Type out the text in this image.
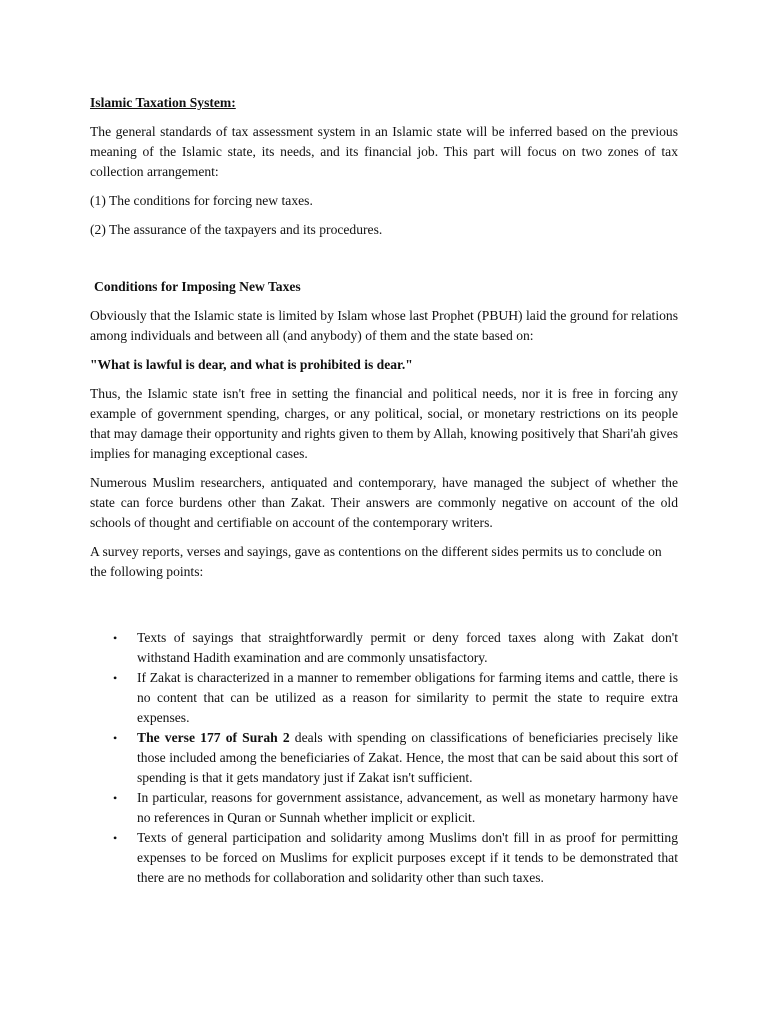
Islamic Taxation System:

The general standards of tax assessment system in an Islamic state will be inferred based on the previous meaning of the Islamic state, its needs, and its financial job. This part will focus on two zones of tax collection arrangement:

(1) The conditions for forcing new taxes.

(2) The assurance of the taxpayers and its procedures.

Conditions for Imposing New Taxes

Obviously that the Islamic state is limited by Islam whose last Prophet (PBUH) laid the ground for relations among individuals and between all (and anybody) of them and the state based on:

"What is lawful is dear, and what is prohibited is dear."

Thus, the Islamic state isn't free in setting the financial and political needs, nor it is free in forcing any example of government spending, charges, or any political, social, or monetary restrictions on its people that may damage their opportunity and rights given to them by Allah, knowing positively that Shari'ah gives implies for managing exceptional cases.

Numerous Muslim researchers, antiquated and contemporary, have managed the subject of whether the state can force burdens other than Zakat. Their answers are commonly negative on account of the old schools of thought and certifiable on account of the contemporary writers.

A survey reports, verses and sayings, gave as contentions on the different sides permits us to conclude on the following points:

• Texts of sayings that straightforwardly permit or deny forced taxes along with Zakat don't withstand Hadith examination and are commonly unsatisfactory.
• If Zakat is characterized in a manner to remember obligations for farming items and cattle, there is no content that can be utilized as a reason for similarity to permit the state to require extra expenses.
• The verse 177 of Surah 2 deals with spending on classifications of beneficiaries precisely like those included among the beneficiaries of Zakat. Hence, the most that can be said about this sort of spending is that it gets mandatory just if Zakat isn't sufficient.
• In particular, reasons for government assistance, advancement, as well as monetary harmony have no references in Quran or Sunnah whether implicit or explicit.
• Texts of general participation and solidarity among Muslims don't fill in as proof for permitting expenses to be forced on Muslims for explicit purposes except if it tends to be demonstrated that there are no methods for collaboration and solidarity other than such taxes.
